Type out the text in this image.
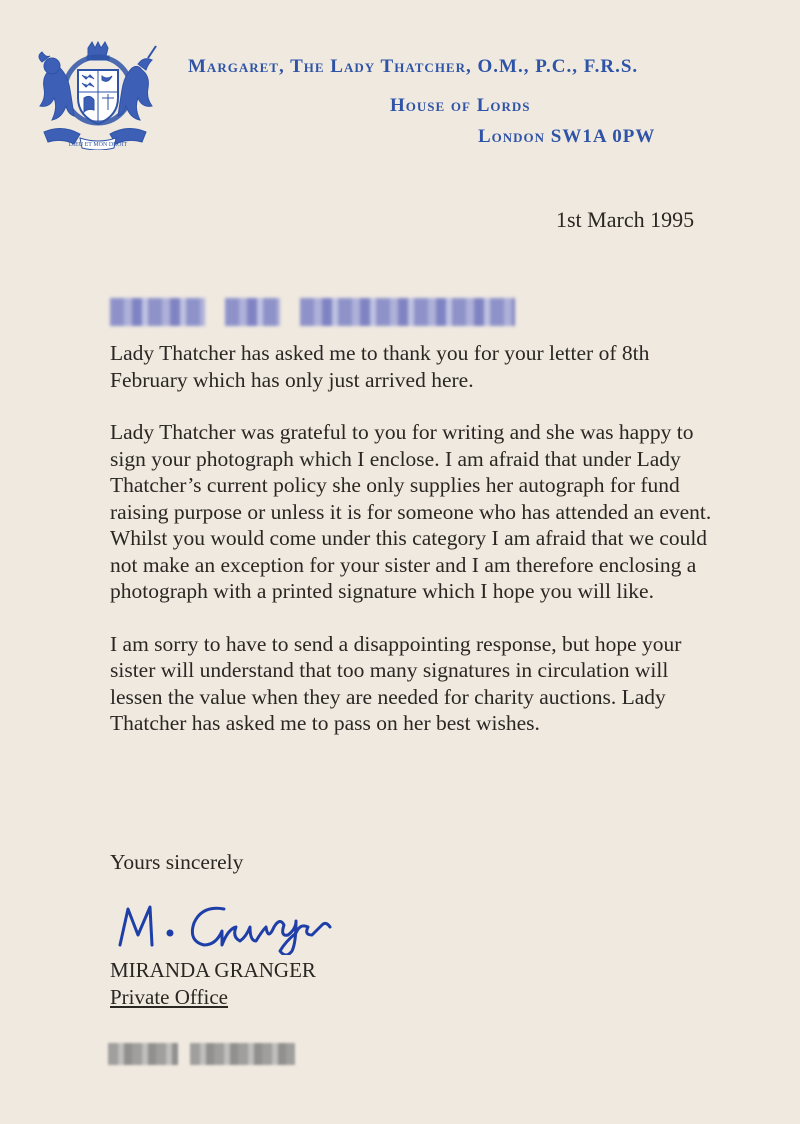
DIEU ET MON DROIT
Margaret, The Lady Thatcher, O.M., P.C., F.R.S.
House of Lords
London SW1A 0PW
1st March 1995

Lady Thatcher has asked me to thank you for your letter of 8th February which has only just arrived here.

Lady Thatcher was grateful to you for writing and she was happy to sign your photograph which I enclose. I am afraid that under Lady Thatcher’s current policy she only supplies her autograph for fund raising purpose or unless it is for someone who has attended an event. Whilst you would come under this category I am afraid that we could not make an exception for your sister and I am therefore enclosing a photograph with a printed signature which I hope you will like.

I am sorry to have to send a disappointing response, but hope your sister will understand that too many signatures in circulation will lessen the value when they are needed for charity auctions. Lady Thatcher has asked me to pass on her best wishes.

Yours sincerely
MIRANDA GRANGER
Private Office
